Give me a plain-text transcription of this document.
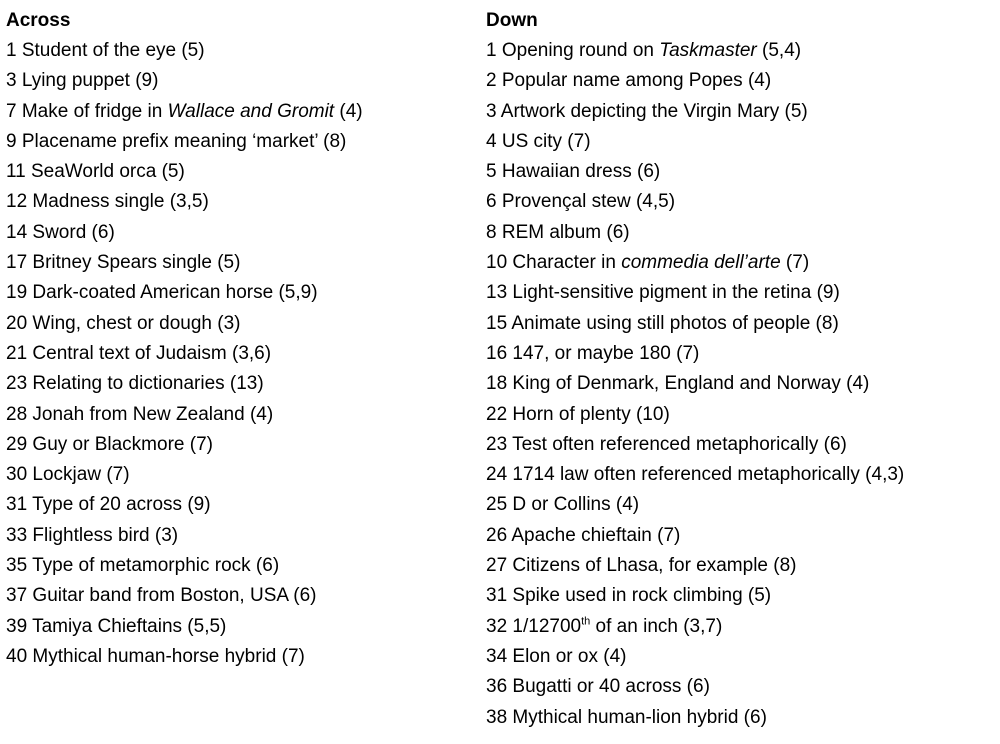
Across
1 Student of the eye (5)
3 Lying puppet (9)
7 Make of fridge in Wallace and Gromit (4)
9 Placename prefix meaning ‘market’ (8)
11 SeaWorld orca (5)
12 Madness single (3,5)
14 Sword (6)
17 Britney Spears single (5)
19 Dark-coated American horse (5,9)
20 Wing, chest or dough (3)
21 Central text of Judaism (3,6)
23 Relating to dictionaries (13)
28 Jonah from New Zealand (4)
29 Guy or Blackmore (7)
30 Lockjaw (7)
31 Type of 20 across (9)
33 Flightless bird (3)
35 Type of metamorphic rock (6)
37 Guitar band from Boston, USA (6)
39 Tamiya Chieftains (5,5)
40 Mythical human-horse hybrid (7)
Down
1 Opening round on Taskmaster (5,4)
2 Popular name among Popes (4)
3 Artwork depicting the Virgin Mary (5)
4 US city (7)
5 Hawaiian dress (6)
6 Provençal stew (4,5)
8 REM album (6)
10 Character in commedia dell’arte (7)
13 Light-sensitive pigment in the retina (9)
15 Animate using still photos of people (8)
16 147, or maybe 180 (7)
18 King of Denmark, England and Norway (4)
22 Horn of plenty (10)
23 Test often referenced metaphorically (6)
24 1714 law often referenced metaphorically (4,3)
25 D or Collins (4)
26 Apache chieftain (7)
27 Citizens of Lhasa, for example (8)
31 Spike used in rock climbing (5)
32 1/12700th of an inch (3,7)
34 Elon or ox (4)
36 Bugatti or 40 across (6)
38 Mythical human-lion hybrid (6)
